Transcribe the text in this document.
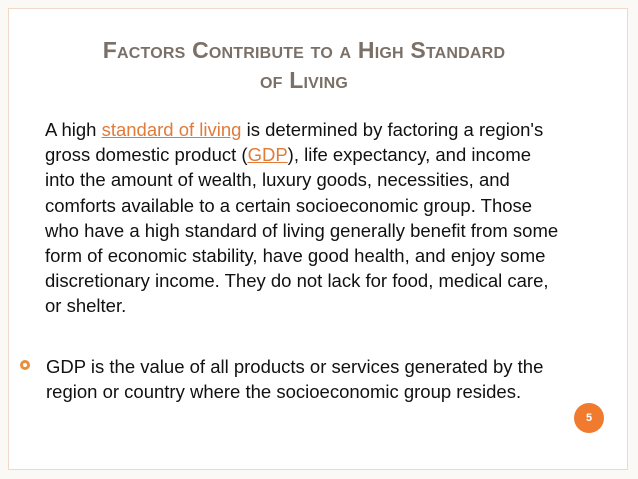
Factors Contribute to a High Standard
of Living
A high standard of living is determined by factoring a region's gross domestic product (GDP), life expectancy, and income into the amount of wealth, luxury goods, necessities, and comforts available to a certain socioeconomic group. Those who have a high standard of living generally benefit from some form of economic stability, have good health, and enjoy some discretionary income. They do not lack for food, medical care, or shelter.
GDP is the value of all products or services generated by the region or country where the socioeconomic group resides.
5
